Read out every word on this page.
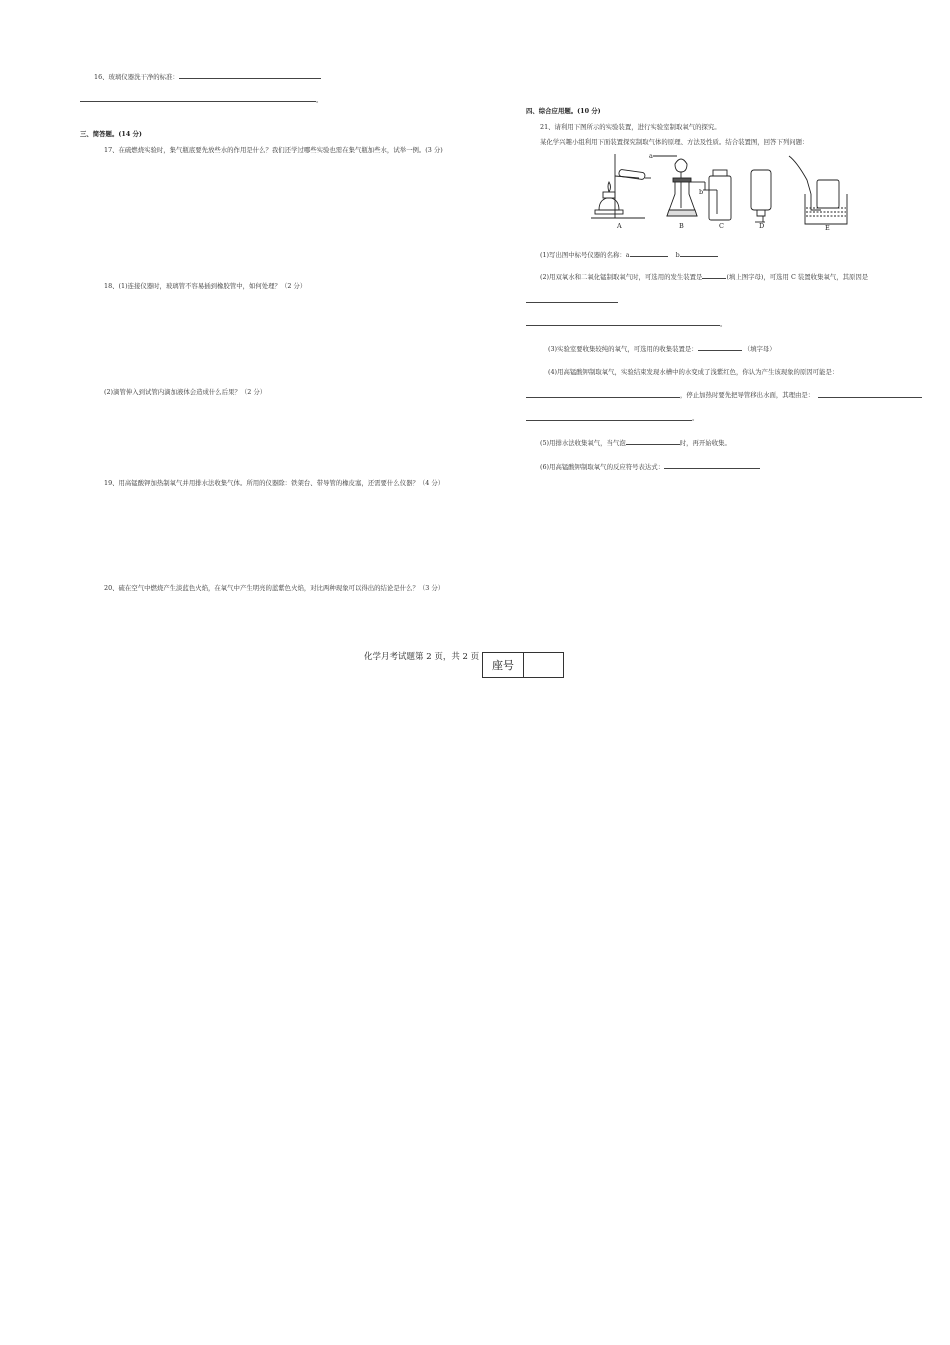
16、玻璃仪器洗干净的标准：
。
三、简答题。(14 分)
17、在硫燃烧实验时，集气瓶底要先放些水的作用是什么？我们还学过哪些实验也需在集气瓶加些水，试举一例。(3 分)
18、(1)连接仪器时，玻璃管不容易插到橡胶管中，如何处理？（2 分）
(2)滴管伸入到试管内滴加液体会造成什么后果？（2 分）
19、用高锰酸钾加热制氧气并用排水法收集气体。所用的仪器除：铁架台、带导管的橡皮塞，还需要什么仪器？（4 分）
20、硫在空气中燃烧产生淡蓝色火焰，在氧气中产生明亮的蓝紫色火焰，对比两种现象可以得出的结论是什么？（3 分）
四、综合应用题。(10 分)
21、请利用下图所示的实验装置，进行实验室制取氧气的探究。
某化学兴趣小组利用下面装置探究制取气体的原理、方法及性质。结合装置图，回答下列问题：
A	B	C	D	E
a
b
(1)写出图中标号仪器的名称：a	b
(2)用双氧水和二氧化锰制取氧气时，可选用的发生装置是	(填上图字母)，可选用 C 装置收集氧气，其原因是
。
(3)实验室要收集较纯的氧气，可选用的收集装置是：	（填字母）
(4)用高锰酸钾制取氧气，实验结束发现水槽中的水变成了浅紫红色，你认为产生该现象的原因可能是：
，停止加热时要先把导管移出水面，其理由是：
。
(5)用排水法收集氧气，当气泡	时，再开始收集。
(6)用高锰酸钾制取氧气的反应符号表达式：
化学月考试题第 2 页，共 2 页
座号
